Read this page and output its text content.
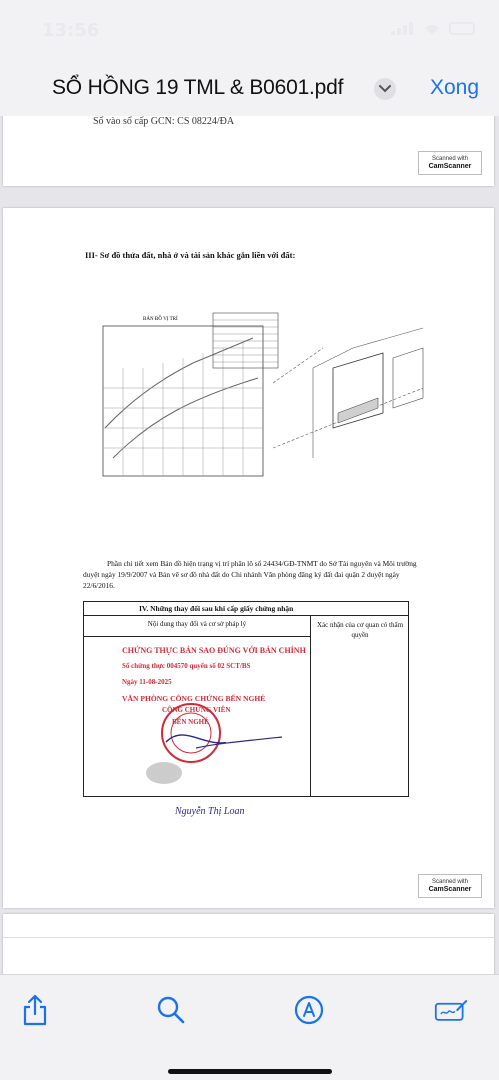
13:56
SỔ HỒNG 19 TML & B0601.pdf	Xong
Số vào sổ cấp GCN: CS 08224/ĐA
Scanned with
CamScanner
III- Sơ đồ thửa đất, nhà ở và tài sản khác gắn liền với đất:
BẢN ĐỒ VỊ TRÍ

Phần chi tiết xem Bản đồ hiện trạng vị trí phân lô số 24434/GĐ-TNMT do Sở Tài nguyên và Môi trường duyệt ngày 19/9/2007 và Bản vẽ sơ đồ nhà đất do Chi nhánh Văn phòng đăng ký đất đai quận 2 duyệt ngày 22/6/2016.

IV. Những thay đổi sau khi cấp giấy chứng nhận
Nội dung thay đổi và cơ sở pháp lý	Xác nhận của cơ quan có thẩm quyền
CHỨNG THỰC BẢN SAO ĐÚNG VỚI BẢN CHÍNH
Số chứng thực 004570 quyển số 02 SCT/BS
Ngày 11-08-2025
VĂN PHÒNG CÔNG CHỨNG BẾN NGHÉ
CÔNG CHỨNG VIÊN
BẾN NGHÉ
Nguyễn Thị Loan
Scanned with
CamScanner
